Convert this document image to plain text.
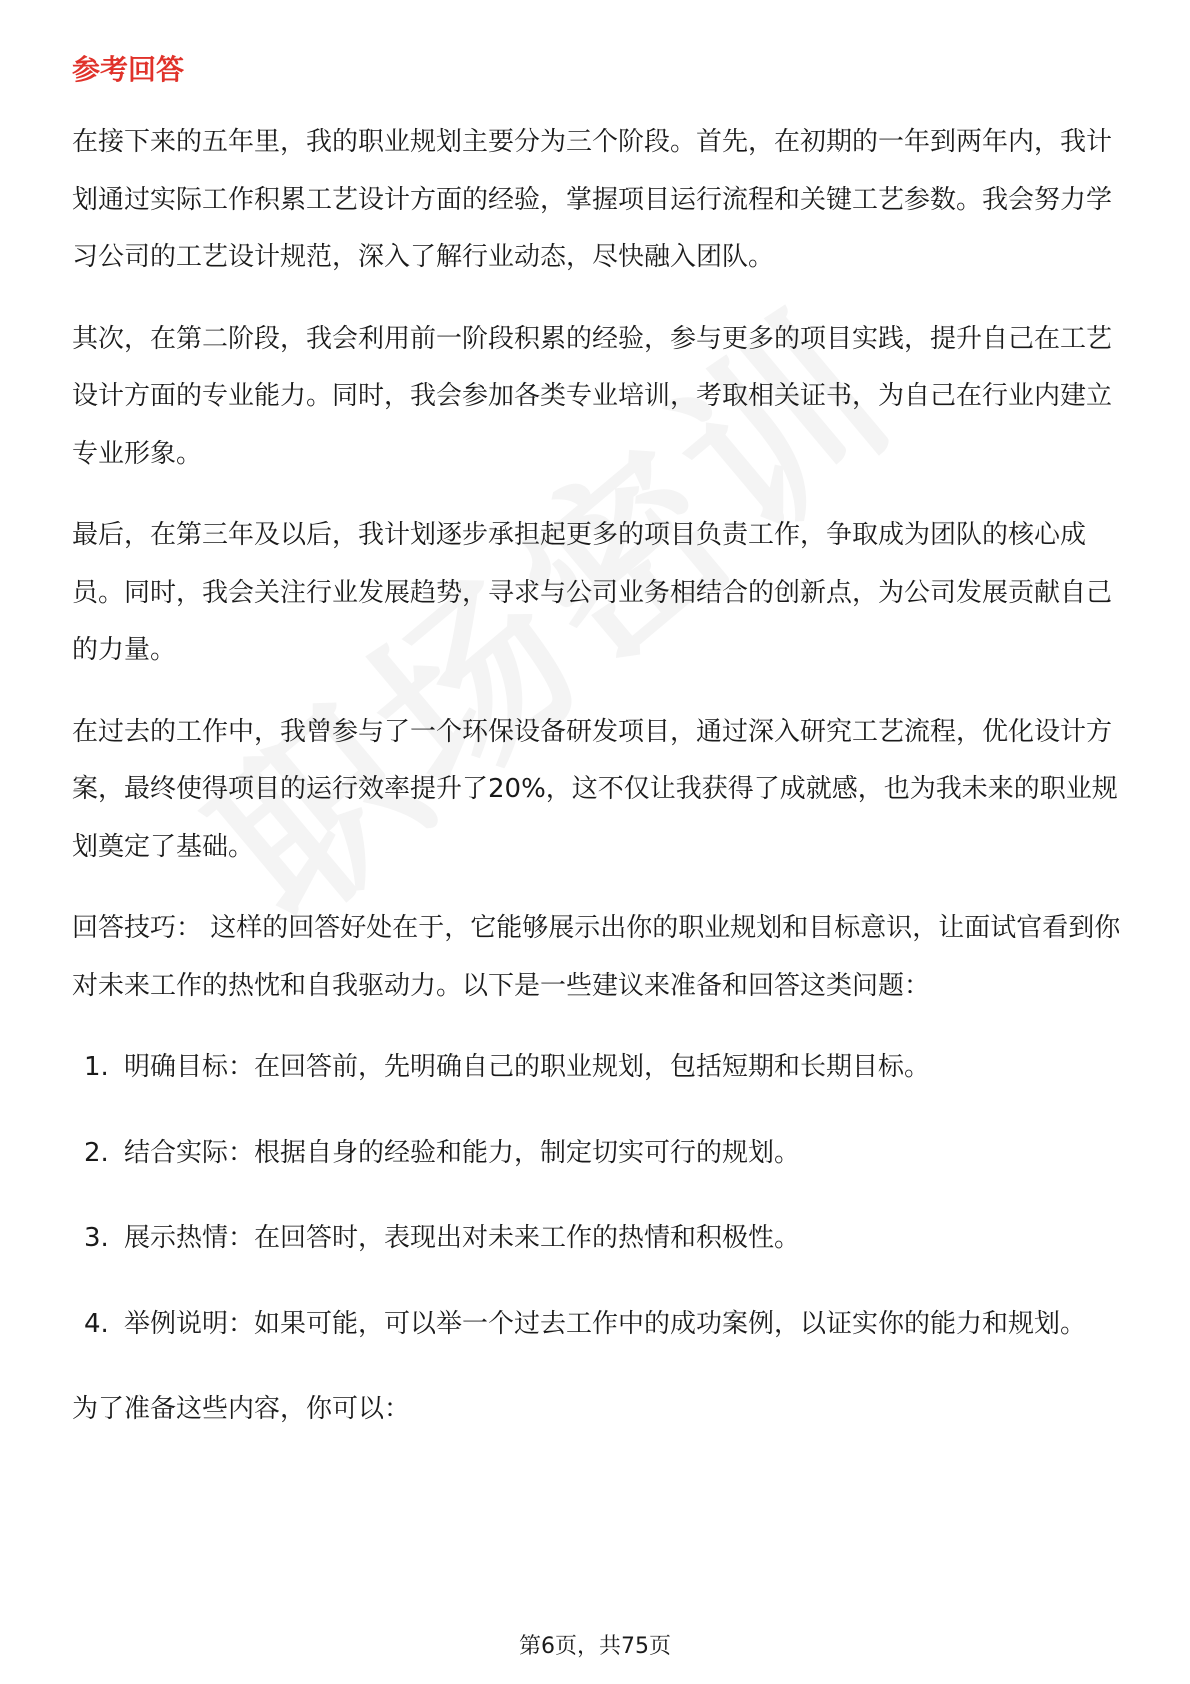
参考回答

在接下来的五年里，我的职业规划主要分为三个阶段。首先，在初期的一年到两年内，我计划通过实际工作积累工艺设计方面的经验，掌握项目运行流程和关键工艺参数。我会努力学习公司的工艺设计规范，深入了解行业动态，尽快融入团队。

其次，在第二阶段，我会利用前一阶段积累的经验，参与更多的项目实践，提升自己在工艺设计方面的专业能力。同时，我会参加各类专业培训，考取相关证书，为自己在行业内建立专业形象。

最后，在第三年及以后，我计划逐步承担起更多的项目负责工作，争取成为团队的核心成员。同时，我会关注行业发展趋势，寻求与公司业务相结合的创新点，为公司发展贡献自己的力量。

在过去的工作中，我曾参与了一个环保设备研发项目，通过深入研究工艺流程，优化设计方案，最终使得项目的运行效率提升了20%，这不仅让我获得了成就感，也为我未来的职业规划奠定了基础。

回答技巧： 这样的回答好处在于，它能够展示出你的职业规划和目标意识，让面试官看到你对未来工作的热忱和自我驱动力。以下是一些建议来准备和回答这类问题：

1. 明确目标：在回答前，先明确自己的职业规划，包括短期和长期目标。
2. 结合实际：根据自身的经验和能力，制定切实可行的规划。
3. 展示热情：在回答时，表现出对未来工作的热情和积极性。
4. 举例说明：如果可能，可以举一个过去工作中的成功案例，以证实你的能力和规划。

为了准备这些内容，你可以：

第6页，共75页
